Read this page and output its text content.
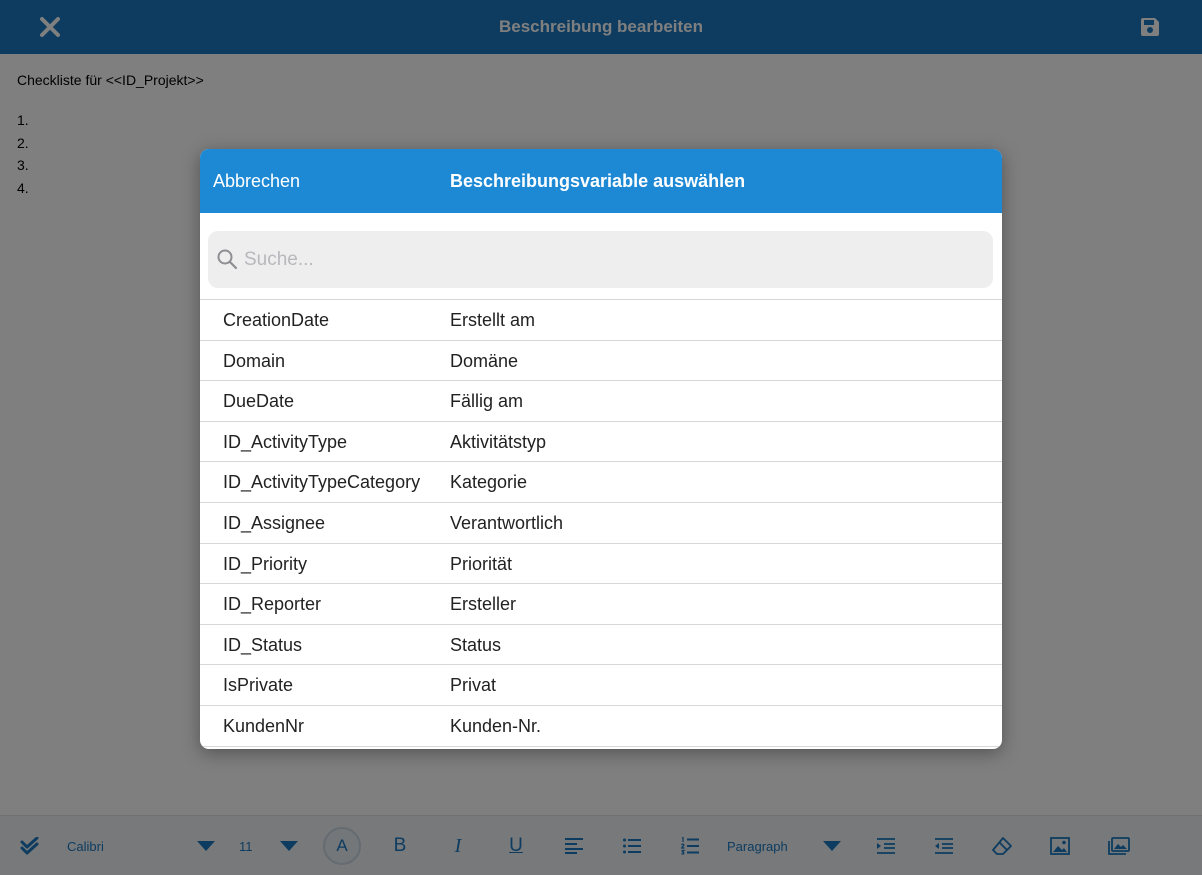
Abbrechen	Beschreibungsvariable auswählen
Suche...
CreationDate	Erstellt am
Domain	Domäne
DueDate	Fällig am
ID_ActivityType	Aktivitätstyp
ID_ActivityTypeCategory Kategorie
ID_Assignee	Verantwortlich
ID_Priority	Priorität
ID_Reporter	Ersteller
ID_Status	Status
IsPrivate	Privat
KundenNr	Kunden-Nr.
